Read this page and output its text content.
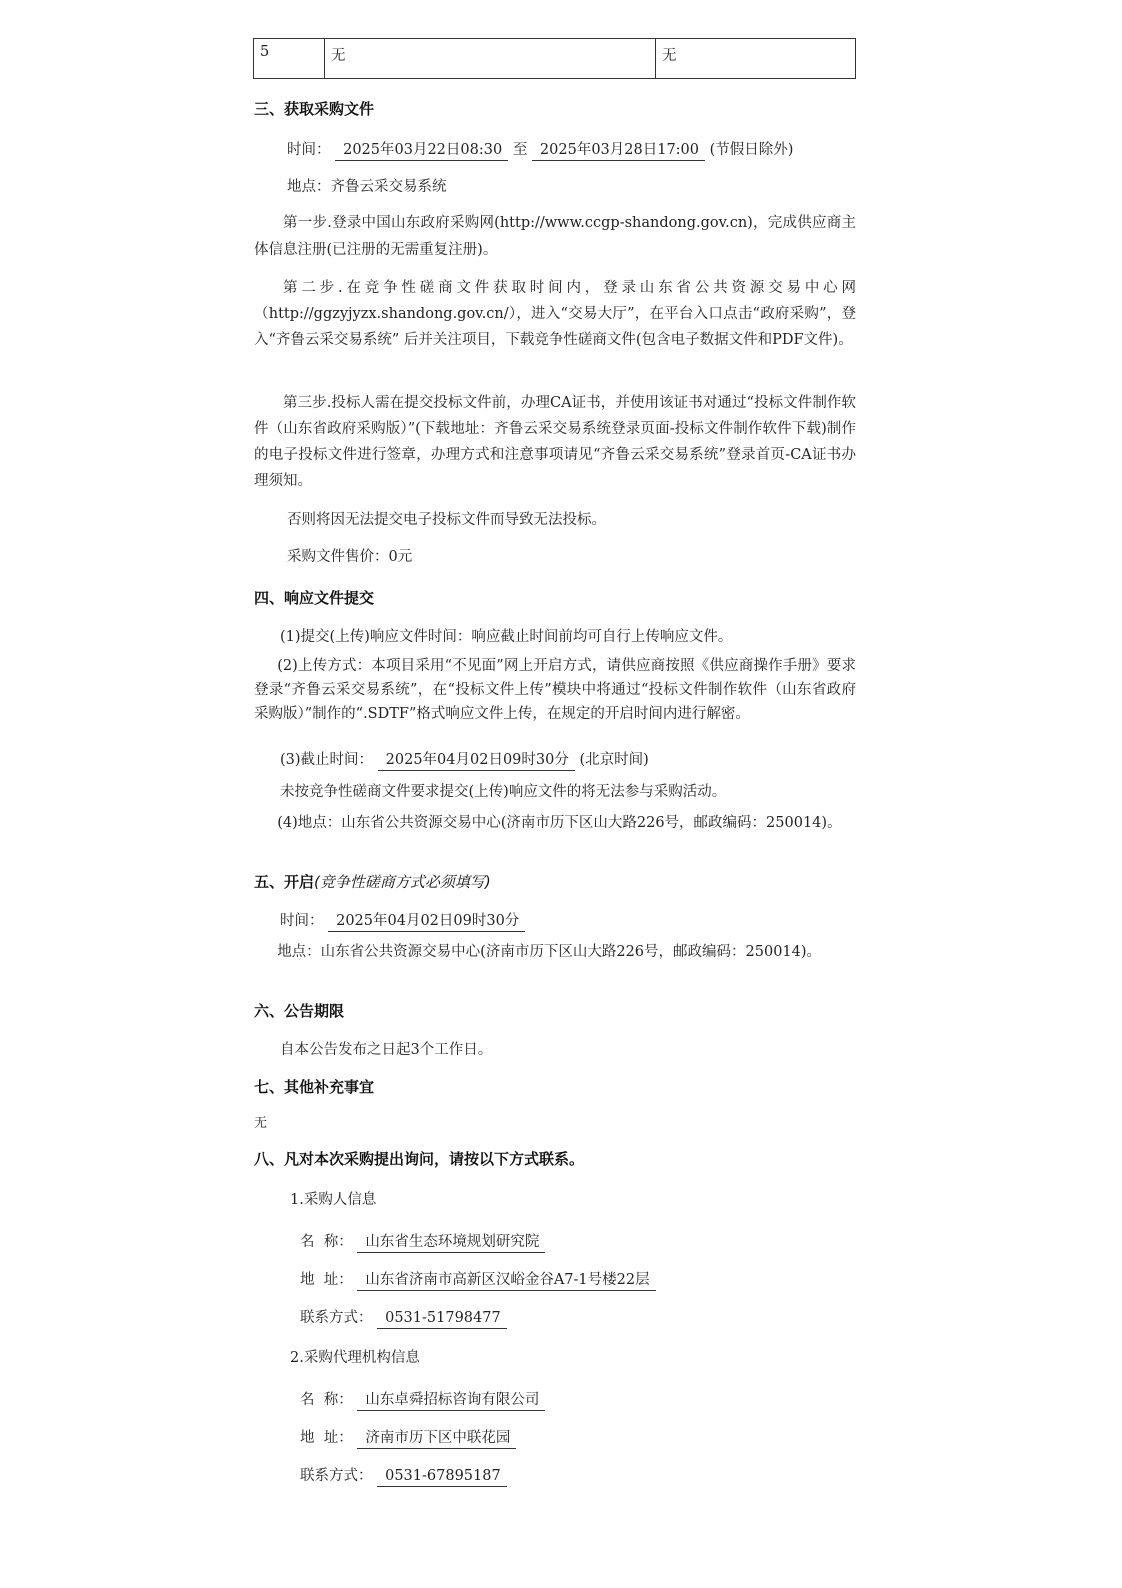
5	无	无
三、获取采购文件
时间： 2025年03月22日08:30 至 2025年03月28日17:00 (节假日除外)
地点：齐鲁云采交易系统
第一步.登录中国山东政府采购网(http://www.ccgp-shandong.gov.cn)，完成供应商主体信息注册(已注册的无需重复注册)。
第二步.在竞争性磋商文件获取时间内，登录山东省公共资源交易中心网（http://ggzyjyzx.shandong.gov.cn/），进入“交易大厅”，在平台入口点击“政府采购”，登入“齐鲁云采交易系统” 后并关注项目，下载竞争性磋商文件(包含电子数据文件和PDF文件)。
第三步.投标人需在提交投标文件前，办理CA证书，并使用该证书对通过“投标文件制作软件（山东省政府采购版）”(下载地址：齐鲁云采交易系统登录页面-投标文件制作软件下载)制作的电子投标文件进行签章，办理方式和注意事项请见“齐鲁云采交易系统”登录首页-CA证书办理须知。
否则将因无法提交电子投标文件而导致无法投标。
采购文件售价：0元
四、响应文件提交
(1)提交(上传)响应文件时间：响应截止时间前均可自行上传响应文件。
(2)上传方式：本项目采用“不见面”网上开启方式，请供应商按照《供应商操作手册》要求登录“齐鲁云采交易系统”，在“投标文件上传”模块中将通过“投标文件制作软件（山东省政府采购版）”制作的“.SDTF”格式响应文件上传，在规定的开启时间内进行解密。
(3)截止时间： 2025年04月02日09时30分 (北京时间)
未按竞争性磋商文件要求提交(上传)响应文件的将无法参与采购活动。
(4)地点：山东省公共资源交易中心(济南市历下区山大路226号，邮政编码：250014)。
五、开启(竞争性磋商方式必须填写)
时间： 2025年04月02日09时30分
地点：山东省公共资源交易中心(济南市历下区山大路226号，邮政编码：250014)。
六、公告期限
自本公告发布之日起3个工作日。
七、其他补充事宜
无
八、凡对本次采购提出询问，请按以下方式联系。
1.采购人信息
名  称： 山东省生态环境规划研究院
地  址： 山东省济南市高新区汉峪金谷A7-1号楼22层
联系方式： 0531-51798477
2.采购代理机构信息
名  称： 山东卓舜招标咨询有限公司
地  址： 济南市历下区中联花园
联系方式： 0531-67895187
